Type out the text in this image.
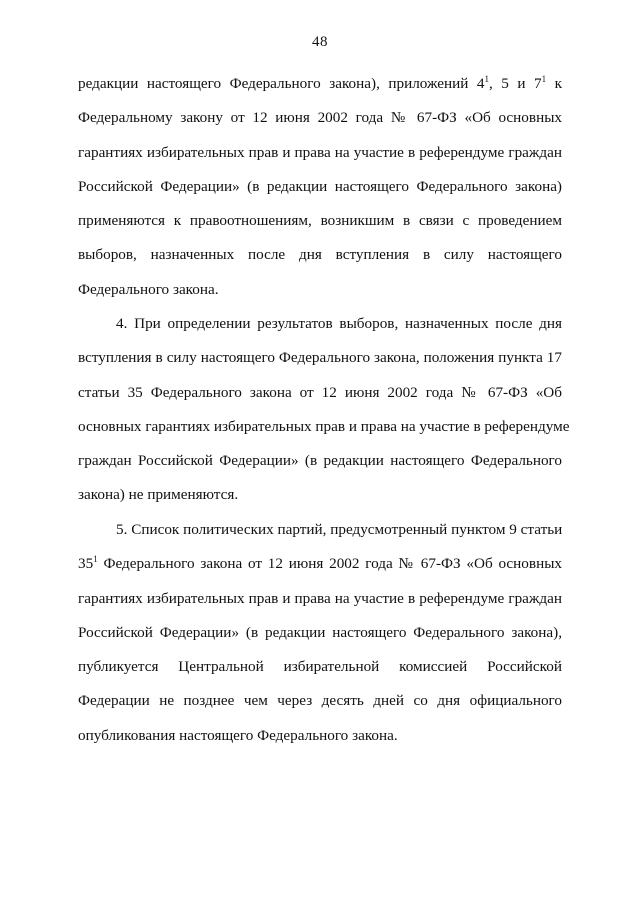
48
редакции настоящего Федерального закона), приложений $4^1$, 5 и $7^1$ к
Федеральному закону от 12 июня 2002 года № 67-ФЗ «Об основных
гарантиях избирательных прав и права на участие в референдуме граждан
Российской Федерации» (в редакции настоящего Федерального закона)
применяются к правоотношениям, возникшим в связи с проведением
выборов, назначенных после дня вступления в силу настоящего
Федерального закона.
4. При определении результатов выборов, назначенных после дня
вступления в силу настоящего Федерального закона, положения пункта 17
статьи 35 Федерального закона от 12 июня 2002 года № 67-ФЗ «Об
основных гарантиях избирательных прав и права на участие в референдуме
граждан Российской Федерации» (в редакции настоящего Федерального
закона) не применяются.
5. Список политических партий, предусмотренный пунктом 9 статьи
$35^1$ Федерального закона от 12 июня 2002 года № 67-ФЗ «Об основных
гарантиях избирательных прав и права на участие в референдуме граждан
Российской Федерации» (в редакции настоящего Федерального закона),
публикуется Центральной избирательной комиссией Российской
Федерации не позднее чем через десять дней со дня официального
опубликования настоящего Федерального закона.
